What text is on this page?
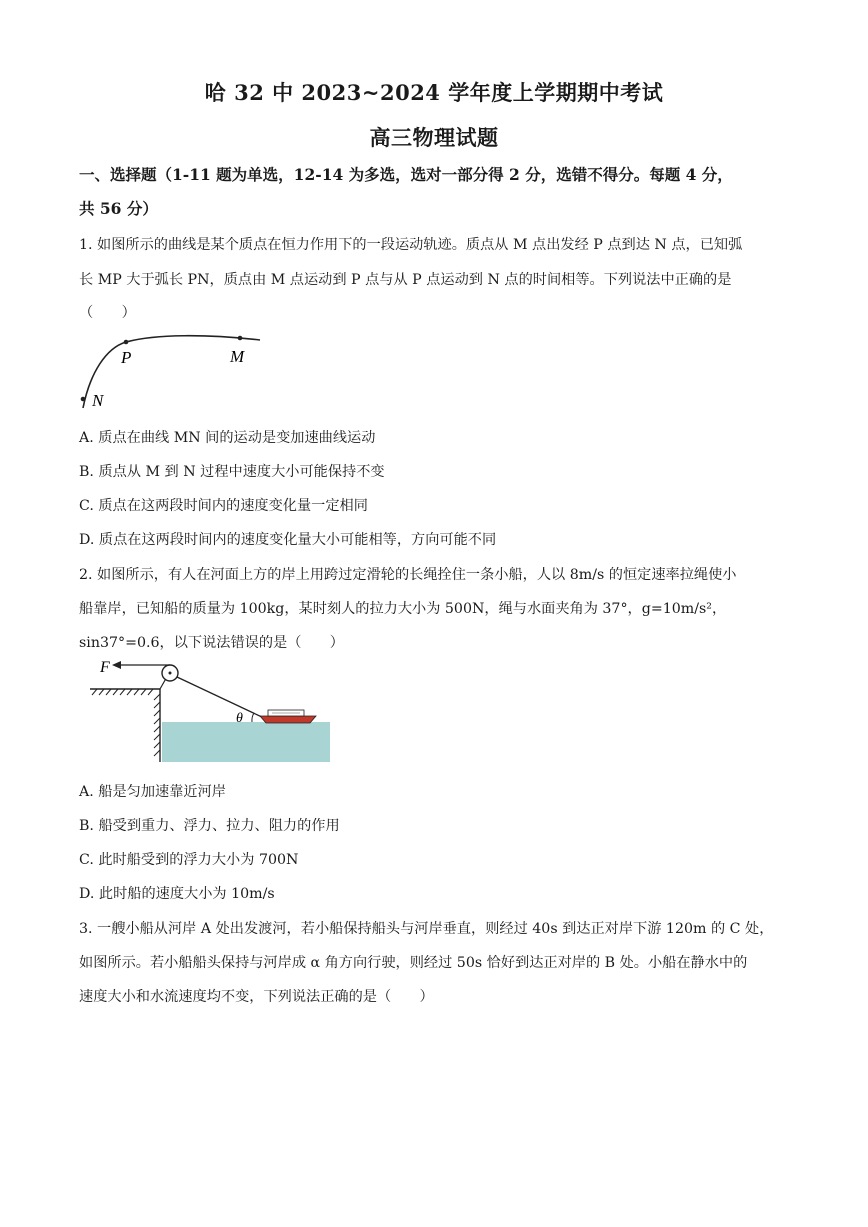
哈 32 中 2023~2024 学年度上学期期中考试
高三物理试题
一、选择题（1-11 题为单选，12-14 为多选，选对一部分得 2 分，选错不得分。每题 4 分，
共 56 分）
1. 如图所示的曲线是某个质点在恒力作用下的一段运动轨迹。质点从 M 点出发经 P 点到达 N 点，已知弧
长 MP 大于弧长 PN，质点由 M 点运动到 P 点与从 P 点运动到 N 点的时间相等。下列说法中正确的是
（　　）
P	M
N
A. 质点在曲线 MN 间的运动是变加速曲线运动
B. 质点从 M 到 N 过程中速度大小可能保持不变
C. 质点在这两段时间内的速度变化量一定相同
D. 质点在这两段时间内的速度变化量大小可能相等，方向可能不同
2. 如图所示，有人在河面上方的岸上用跨过定滑轮的长绳拴住一条小船，人以 8m/s 的恒定速率拉绳使小
船靠岸，已知船的质量为 100kg，某时刻人的拉力大小为 500N，绳与水面夹角为 37°，g=10m/s²，
sin37°=0.6，以下说法错误的是（　　）
F
θ
A. 船是匀加速靠近河岸
B. 船受到重力、浮力、拉力、阻力的作用
C. 此时船受到的浮力大小为 700N
D. 此时船的速度大小为 10m/s
3. 一艘小船从河岸 A 处出发渡河，若小船保持船头与河岸垂直，则经过 40s 到达正对岸下游 120m 的 C 处，
如图所示。若小船船头保持与河岸成 α 角方向行驶，则经过 50s 恰好到达正对岸的 B 处。小船在静水中的
速度大小和水流速度均不变，下列说法正确的是（　　）
